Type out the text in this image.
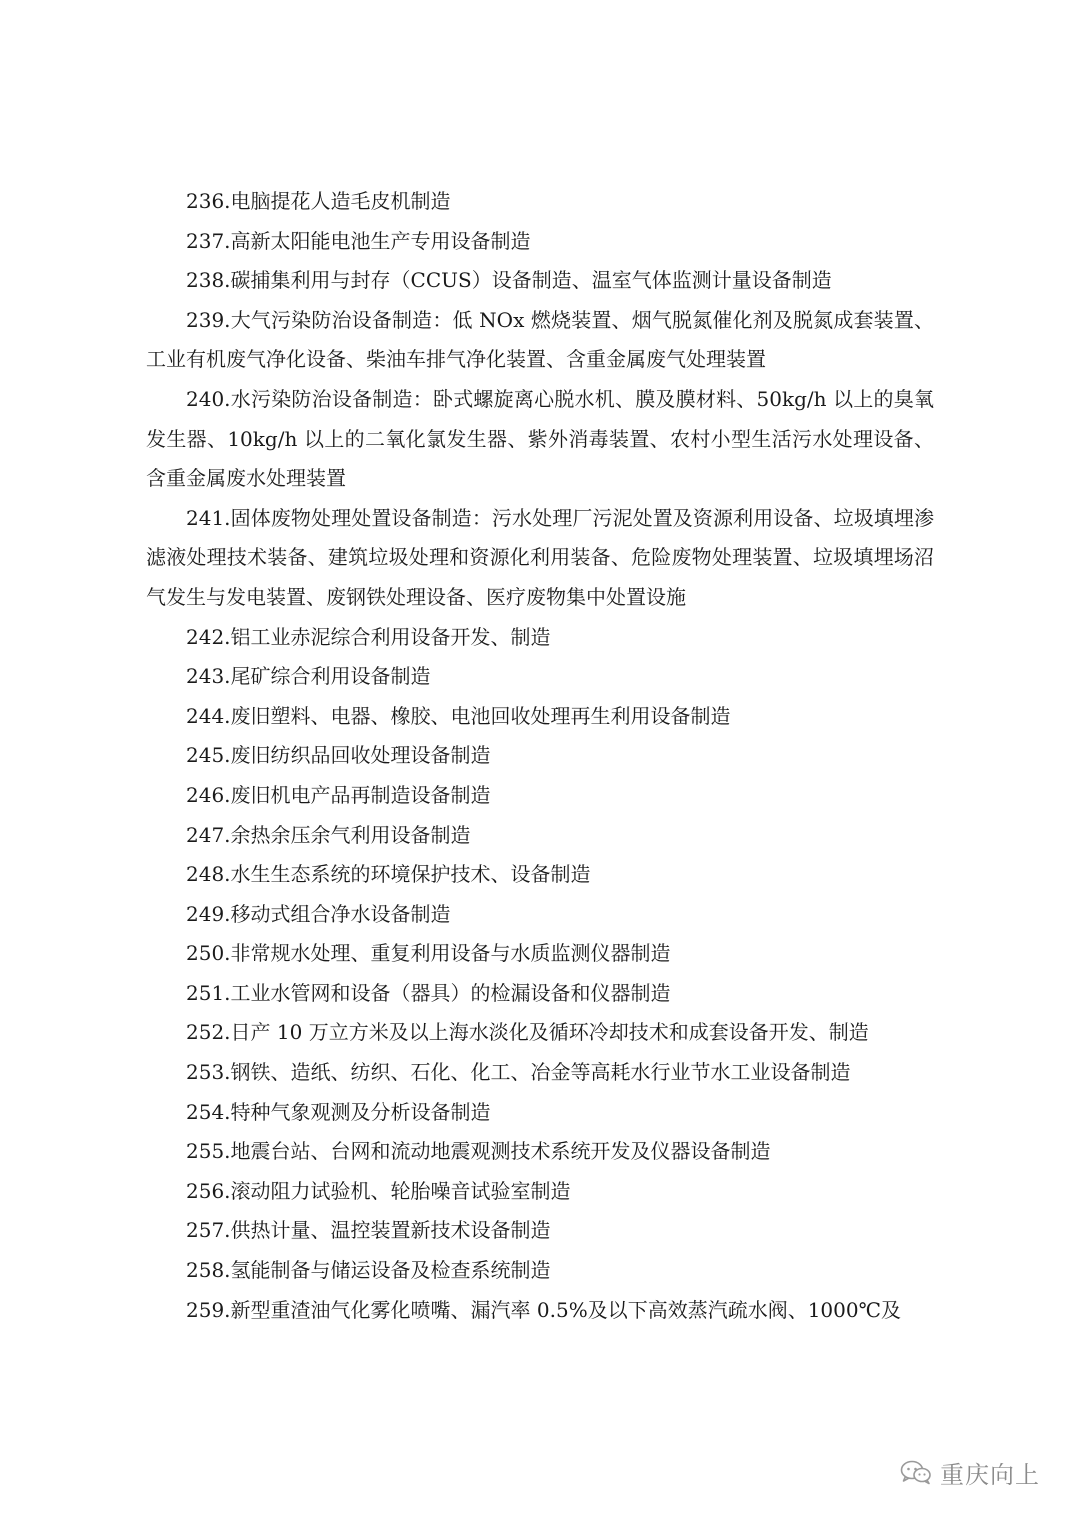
236.电脑提花人造毛皮机制造

237.高新太阳能电池生产专用设备制造

238.碳捕集利用与封存（CCUS）设备制造、温室气体监测计量设备制造

239.大气污染防治设备制造：低 NOx 燃烧装置、烟气脱氮催化剂及脱氮成套装置、工业有机废气净化设备、柴油车排气净化装置、含重金属废气处理装置

240.水污染防治设备制造：卧式螺旋离心脱水机、膜及膜材料、50kg/h 以上的臭氧发生器、10kg/h 以上的二氧化氯发生器、紫外消毒装置、农村小型生活污水处理设备、含重金属废水处理装置

241.固体废物处理处置设备制造：污水处理厂污泥处置及资源利用设备、垃圾填埋渗滤液处理技术装备、建筑垃圾处理和资源化利用装备、危险废物处理装置、垃圾填埋场沼气发生与发电装置、废钢铁处理设备、医疗废物集中处置设施

242.铝工业赤泥综合利用设备开发、制造

243.尾矿综合利用设备制造

244.废旧塑料、电器、橡胶、电池回收处理再生利用设备制造

245.废旧纺织品回收处理设备制造

246.废旧机电产品再制造设备制造

247.余热余压余气利用设备制造

248.水生生态系统的环境保护技术、设备制造

249.移动式组合净水设备制造

250.非常规水处理、重复利用设备与水质监测仪器制造

251.工业水管网和设备（器具）的检漏设备和仪器制造

252.日产 10 万立方米及以上海水淡化及循环冷却技术和成套设备开发、制造

253.钢铁、造纸、纺织、石化、化工、冶金等高耗水行业节水工业设备制造

254.特种气象观测及分析设备制造

255.地震台站、台网和流动地震观测技术系统开发及仪器设备制造

256.滚动阻力试验机、轮胎噪音试验室制造

257.供热计量、温控装置新技术设备制造

258.氢能制备与储运设备及检查系统制造

259.新型重渣油气化雾化喷嘴、漏汽率 0.5%及以下高效蒸汽疏水阀、1000℃及

重庆向上
